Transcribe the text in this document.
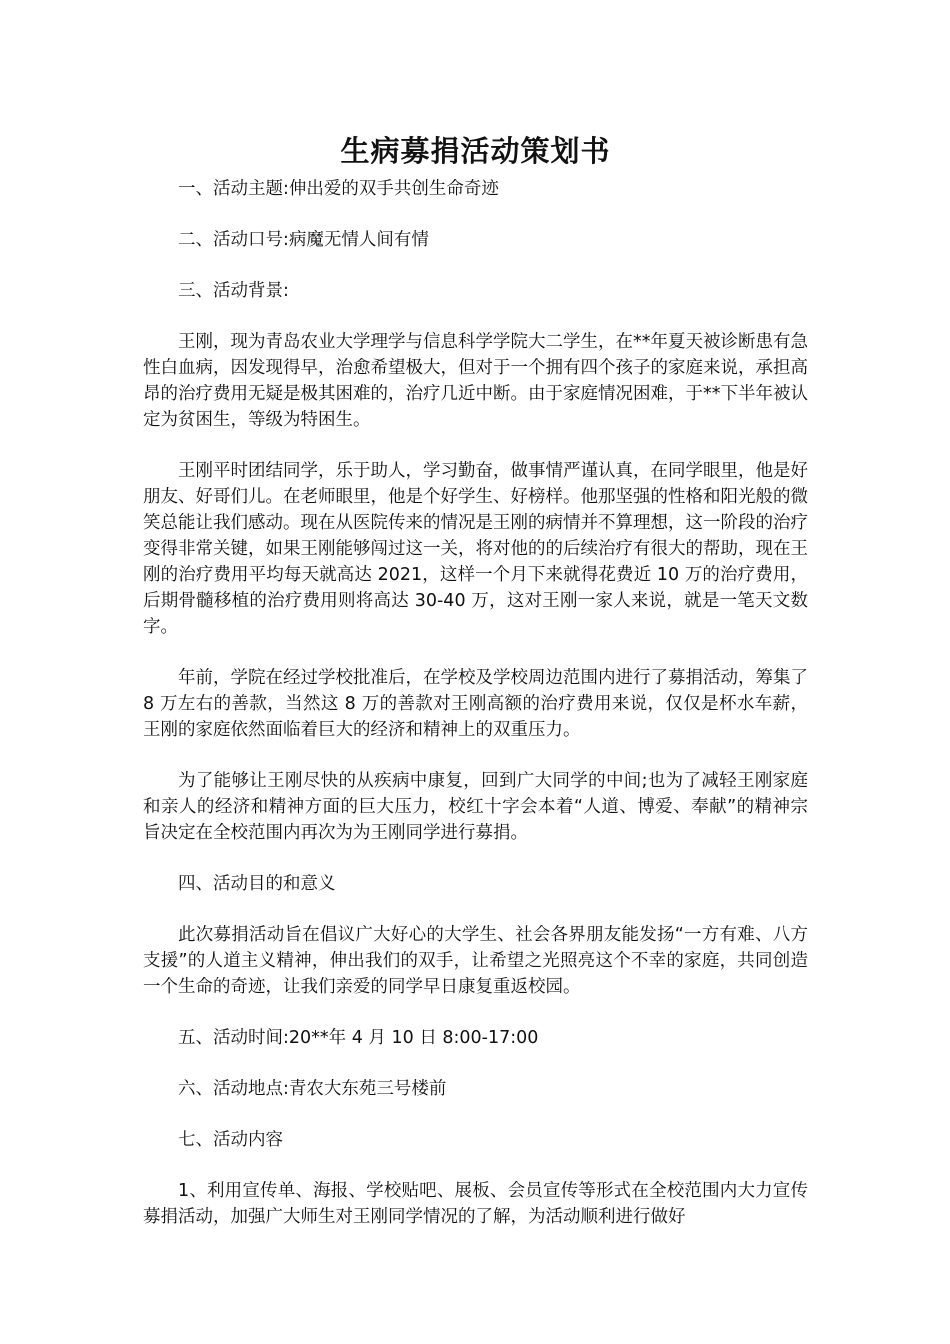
生病募捐活动策划书

一、活动主题:伸出爱的双手共创生命奇迹

二、活动口号:病魔无情人间有情

三、活动背景:

王刚，现为青岛农业大学理学与信息科学学院大二学生，在**年夏天被诊断患有急性白血病，因发现得早，治愈希望极大，但对于一个拥有四个孩子的家庭来说，承担高昂的治疗费用无疑是极其困难的，治疗几近中断。由于家庭情况困难，于**下半年被认定为贫困生，等级为特困生。

王刚平时团结同学，乐于助人，学习勤奋，做事情严谨认真，在同学眼里，他是好朋友、好哥们儿。在老师眼里，他是个好学生、好榜样。他那坚强的性格和阳光般的微笑总能让我们感动。现在从医院传来的情况是王刚的病情并不算理想，这一阶段的治疗变得非常关键，如果王刚能够闯过这一关，将对他的的后续治疗有很大的帮助，现在王刚的治疗费用平均每天就高达 2021，这样一个月下来就得花费近 10 万的治疗费用，后期骨髓移植的治疗费用则将高达 30-40 万，这对王刚一家人来说，就是一笔天文数字。

年前，学院在经过学校批准后，在学校及学校周边范围内进行了募捐活动，筹集了 8 万左右的善款，当然这 8 万的善款对王刚高额的治疗费用来说，仅仅是杯水车薪，王刚的家庭依然面临着巨大的经济和精神上的双重压力。

为了能够让王刚尽快的从疾病中康复，回到广大同学的中间;也为了减轻王刚家庭和亲人的经济和精神方面的巨大压力，校红十字会本着“人道、博爱、奉献”的精神宗旨决定在全校范围内再次为为王刚同学进行募捐。

四、活动目的和意义

此次募捐活动旨在倡议广大好心的大学生、社会各界朋友能发扬“一方有难、八方支援”的人道主义精神，伸出我们的双手，让希望之光照亮这个不幸的家庭，共同创造一个生命的奇迹，让我们亲爱的同学早日康复重返校园。

五、活动时间:20**年 4 月 10 日 8:00-17:00

六、活动地点:青农大东苑三号楼前

七、活动内容

1、利用宣传单、海报、学校贴吧、展板、会员宣传等形式在全校范围内大力宣传募捐活动，加强广大师生对王刚同学情况的了解，为活动顺利进行做好
